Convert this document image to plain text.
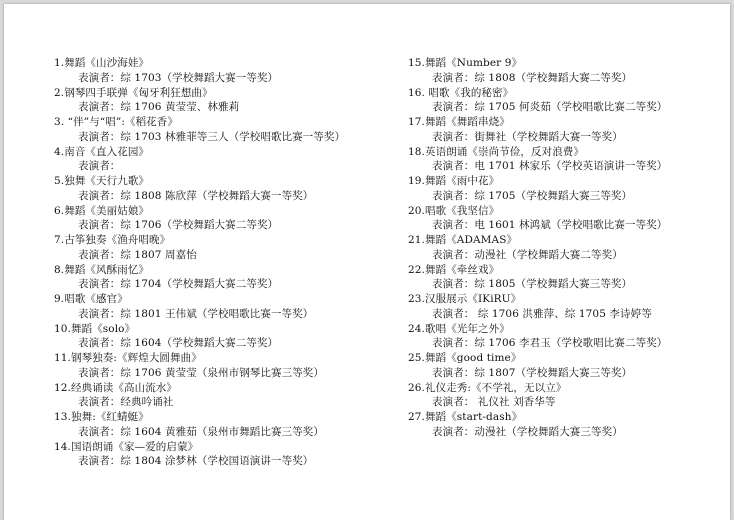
1.舞蹈《山沙海娃》
表演者：综 1703（学校舞蹈大赛一等奖）
2.钢琴四手联弹《匈牙利狂想曲》
表演者：综 1706 黄莹莹、林雅莉
3. “伴”与“唱”:《稻花香》
表演者：综 1703 林雅菲等三人（学校唱歌比赛一等奖）
4.南音《直入花园》
表演者：
5.独舞《天行九歌》
表演者：综 1808 陈欣萍（学校舞蹈大赛一等奖）
6.舞蹈《美丽姑娘》
表演者：综 1706（学校舞蹈大赛二等奖）
7.古筝独奏《渔舟唱晚》
表演者：综 1807 周嘉怡
8.舞蹈《风酥雨忆》
表演者：综 1704（学校舞蹈大赛二等奖）
9.唱歌《感官》
表演者：综 1801 王伟斌（学校唱歌比赛一等奖）
10.舞蹈《solo》
表演者：综 1604（学校舞蹈大赛二等奖）
11.钢琴独奏:《辉煌大圆舞曲》
表演者：综 1706 黄莹莹（泉州市钢琴比赛三等奖）
12.经典诵读《高山流水》
表演者：经典吟诵社
13.独舞:《红蜻蜓》
表演者：综 1604 黄雅茹（泉州市舞蹈比赛三等奖）
14.国语朗诵《家—爱的启蒙》
表演者：综 1804 涂梦林（学校国语演讲一等奖）
15.舞蹈《Number 9》
表演者：综 1808（学校舞蹈大赛二等奖）
16. 唱歌《我的秘密》
表演者：综 1705 何炎茹（学校唱歌比赛二等奖）
17.舞蹈《舞蹈串烧》
表演者：街舞社（学校舞蹈大赛一等奖）
18.英语朗诵《崇尚节俭，反对浪费》
表演者：电 1701 林家乐（学校英语演讲一等奖）
19.舞蹈《雨中花》
表演者：综 1705（学校舞蹈大赛三等奖）
20.唱歌《我坚信》
表演者：电 1601 林鸿斌（学校唱歌比赛一等奖）
21.舞蹈《ADAMAS》
表演者：动漫社（学校舞蹈大赛二等奖）
22.舞蹈《牵丝戏》
表演者：综 1805（学校舞蹈大赛三等奖）
23.汉服展示《IKiRU》
表演者： 综 1706 洪雅萍、综 1705 李诗婷等
24.歌唱《光年之外》
表演者：综 1706 李君玉（学校歌唱比赛二等奖）
25.舞蹈《good time》
表演者：综 1807（学校舞蹈大赛三等奖）
26.礼仪走秀:《不学礼，无以立》
表演者： 礼仪社 刘香华等
27.舞蹈《start-dash》
表演者：动漫社（学校舞蹈大赛三等奖）
